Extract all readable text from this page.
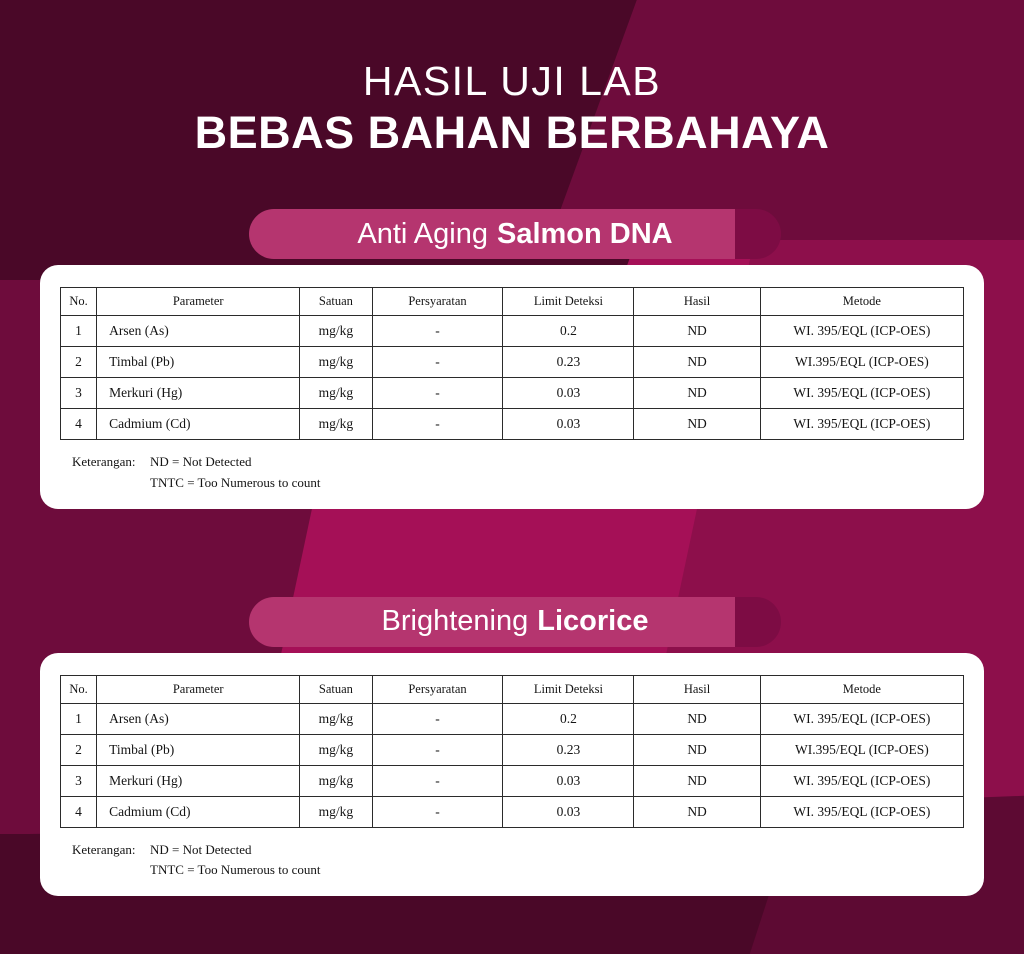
HASIL UJI LAB
BEBAS BAHAN BERBAHAYA
Anti Aging Salmon DNA
No.	Parameter	Satuan	Persyaratan	Limit Deteksi	Hasil	Metode
1	Arsen (As)	mg/kg	-	0.2	ND	WI. 395/EQL (ICP-OES)
2	Timbal (Pb)	mg/kg	-	0.23	ND	WI.395/EQL (ICP-OES)
3	Merkuri (Hg)	mg/kg	-	0.03	ND	WI. 395/EQL (ICP-OES)
4	Cadmium (Cd)	mg/kg	-	0.03	ND	WI. 395/EQL (ICP-OES)
Keterangan: ND = Not Detected
TNTC = Too Numerous to count
Brightening Licorice
No.	Parameter	Satuan	Persyaratan	Limit Deteksi	Hasil	Metode
1	Arsen (As)	mg/kg	-	0.2	ND	WI. 395/EQL (ICP-OES)
2	Timbal (Pb)	mg/kg	-	0.23	ND	WI.395/EQL (ICP-OES)
3	Merkuri (Hg)	mg/kg	-	0.03	ND	WI. 395/EQL (ICP-OES)
4	Cadmium (Cd)	mg/kg	-	0.03	ND	WI. 395/EQL (ICP-OES)
Keterangan: ND = Not Detected
TNTC = Too Numerous to count
